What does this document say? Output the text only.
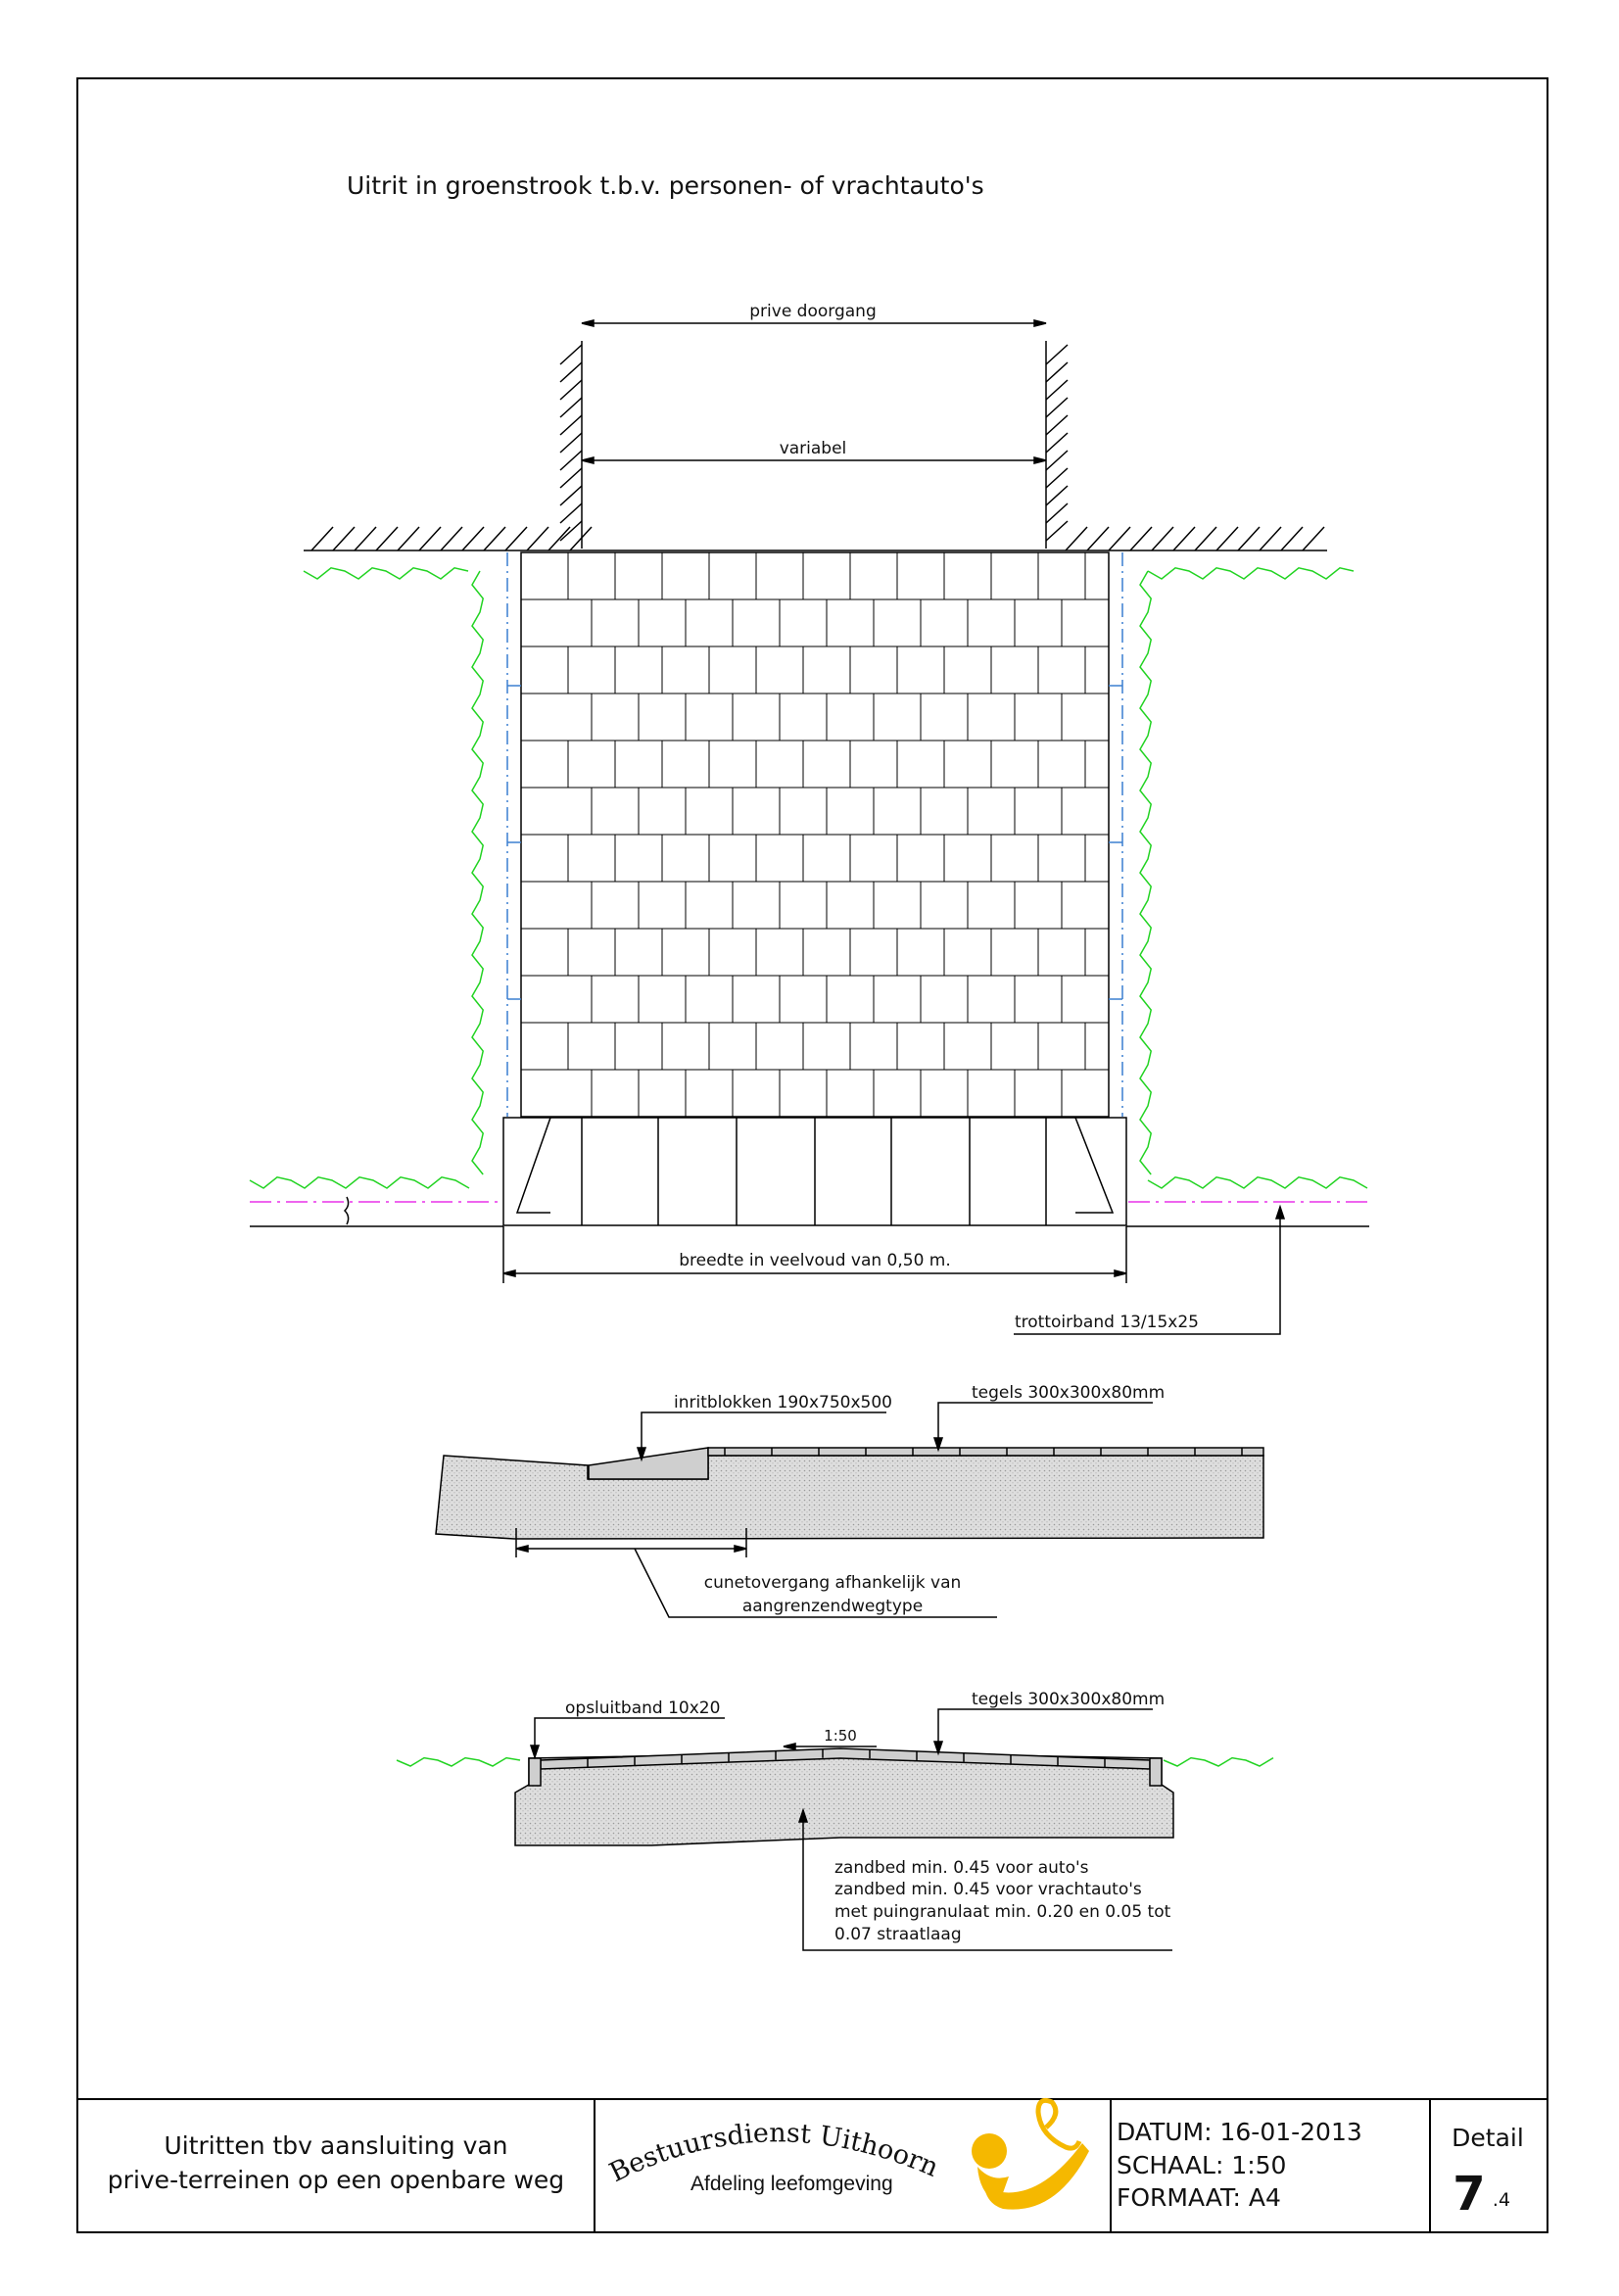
Uitrit in groenstrook t.b.v. personen- of vrachtauto's
prive doorgang
variabel
breedte in veelvoud van 0,50 m.
trottoirband 13/15x25
inritblokken 190x750x500	tegels 300x300x80mm
cunetovergang afhankelijk van
aangrenzendwegtype
opsluitband 10x20	tegels 300x300x80mm
1:50
zandbed min. 0.45 voor auto's
zandbed min. 0.45 voor vrachtauto's
met puingranulaat min. 0.20 en 0.05 tot
0.07 straatlaag
Uitritten tbv aansluiting van
prive-terreinen op een openbare weg Bestuursdienst Uithoorn
Afdeling leefomgeving
DATUM: 16-01-2013
SCHAAL: 1:50
FORMAAT: A4
Detail
7 .4
